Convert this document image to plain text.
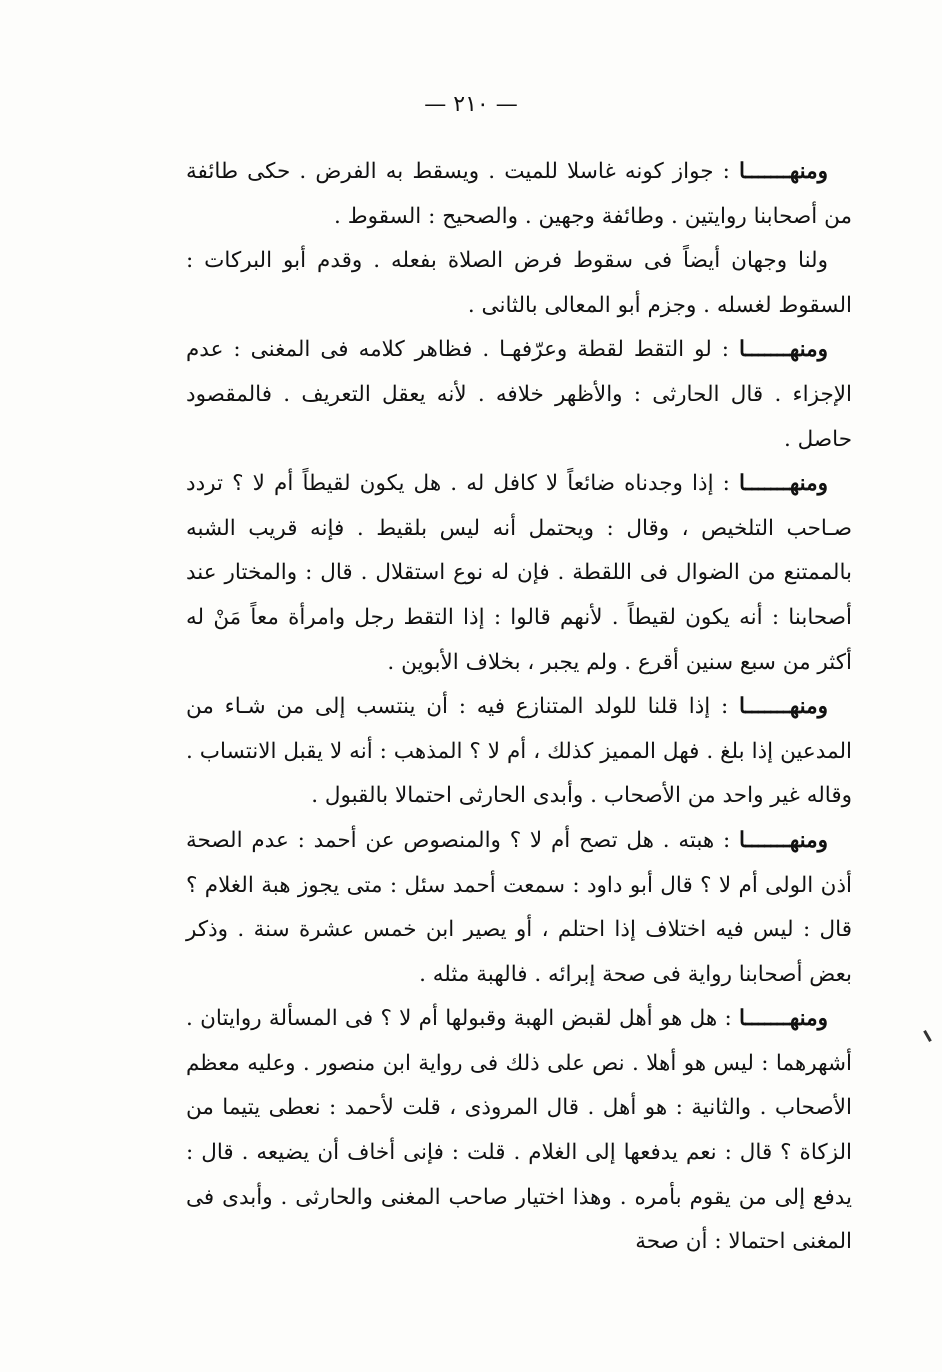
— ٢١٠ —

ومنهـــــــا : جواز كونه غاسلا للميت . ويسقط به الفرض . حكى طائفة من أصحابنا روايتين . وطائفة وجهين . والصحيح : السقوط .

ولنا وجهان أيضاً فى سقوط فرض الصلاة بفعله . وقدم أبو البركات : السقوط لغسله . وجزم أبو المعالى بالثانى .

ومنهـــــــا : لو التقط لقطة وعرّفهـا . فظاهر كلامه فى المغنى : عدم الإجزاء . قال الحارثى : والأظهر خلافه . لأنه يعقل التعريف . فالمقصود حاصل .

ومنهـــــــا : إذا وجدناه ضائعاً لا كافل له . هل يكون لقيطاً أم لا ؟ تردد صـاحب التلخيص ، وقال : ويحتمل أنه ليس بلقيط . فإنه قريب الشبه بالممتنع من الضوال فى اللقطة . فإن له نوع استقلال . قال : والمختار عند أصحابنا : أنه يكون لقيطاً . لأنهم قالوا : إذا التقط رجل وامرأة معاً مَنْ له أكثر من سبع سنين أقرع . ولم يجبر ، بخلاف الأبوين .

ومنهـــــــا : إذا قلنا للولد المتنازع فيه : أن ينتسب إلى من شـاء من المدعين إذا بلغ . فهل المميز كذلك ، أم لا ؟ المذهب : أنه لا يقبل الانتساب . وقاله غير واحد من الأصحاب . وأبدى الحارثى احتمالا بالقبول .

ومنهـــــــا : هبته . هل تصح أم لا ؟ والمنصوص عن أحمد : عدم الصحة أذن الولى أم لا ؟ قال أبو داود : سمعت أحمد سئل : متى يجوز هبة الغلام ؟ قال : ليس فيه اختلاف إذا احتلم ، أو يصير ابن خمس عشرة سنة . وذكر بعض أصحابنا رواية فى صحة إبرائه . فالهبة مثله .

ومنهـــــــا : هل هو أهل لقبض الهبة وقبولها أم لا ؟ فى المسألة روايتان . أشهرهما : ليس هو أهلا . نص على ذلك فى رواية ابن منصور . وعليه معظم الأصحاب . والثانية : هو أهل . قال المروذى ، قلت لأحمد : نعطى يتيما من الزكاة ؟ قال : نعم يدفعها إلى الغلام . قلت : فإنى أخاف أن يضيعه . قال : يدفع إلى من يقوم بأمره . وهذا اختيار صاحب المغنى والحارثى . وأبدى فى المغنى احتمالا : أن صحة
